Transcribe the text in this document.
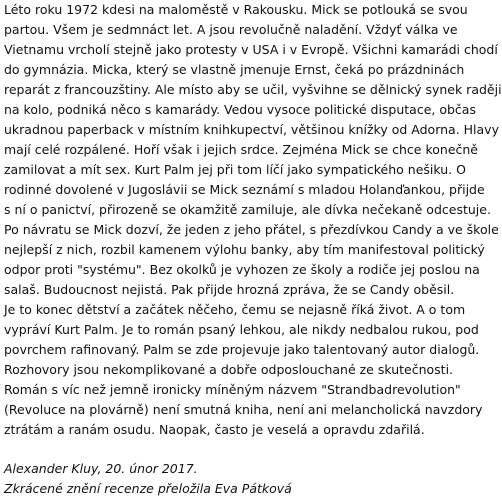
Léto roku 1972 kdesi na maloměstě v Rakousku. Mick se potlouká se svou
partou. Všem je sedmnáct let. A jsou revolučně naladění. Vždyť válka ve
Vietnamu vrcholí stejně jako protesty v USA i v Evropě. Všichni kamarádi chodí
do gymnázia. Micka, který se vlastně jmenuje Ernst, čeká po prázdninách
reparát z francouzštiny. Ale místo aby se učil, vyšvihne se dělnický synek raději
na kolo, podniká něco s kamarády. Vedou vysoce politické disputace, občas
ukradnou paperback v místním knihkupectví, většinou knížky od Adorna. Hlavy
mají celé rozpálené. Hoří však i jejich srdce. Zejména Mick se chce konečně
zamilovat a mít sex. Kurt Palm jej při tom líčí jako sympatického nešiku. O
rodinné dovolené v Jugoslávii se Mick seznámí s mladou Holanďankou, přijde
s ní o panictví, přirozeně se okamžitě zamiluje, ale dívka nečekaně odcestuje.
Po návratu se Mick dozví, že jeden z jeho přátel, s přezdívkou Candy a ve škole
nejlepší z nich, rozbil kamenem výlohu banky, aby tím manifestoval politický
odpor proti "systému". Bez okolků je vyhozen ze školy a rodiče jej poslou na
salaš. Budoucnost nejistá. Pak přijde hrozná zpráva, že se Candy oběsil.
Je to konec dětství a začátek něčeho, čemu se nejasně říká život. A o tom
vypráví Kurt Palm. Je to román psaný lehkou, ale nikdy nedbalou rukou, pod
povrchem rafinovaný. Palm se zde projevuje jako talentovaný autor dialogů.
Rozhovory jsou nekomplikované a dobře odposlouchané ze skutečnosti.
Román s víc než jemně ironicky míněným názvem "Strandbadrevolution"
(Revoluce na plovárně) není smutná kniha, není ani melancholická navzdory
ztrátám a ranám osudu. Naopak, často je veselá a opravdu zdařilá.
Alexander Kluy, 20. únor 2017.
Zkrácené znění recenze přeložila Eva Pátková
